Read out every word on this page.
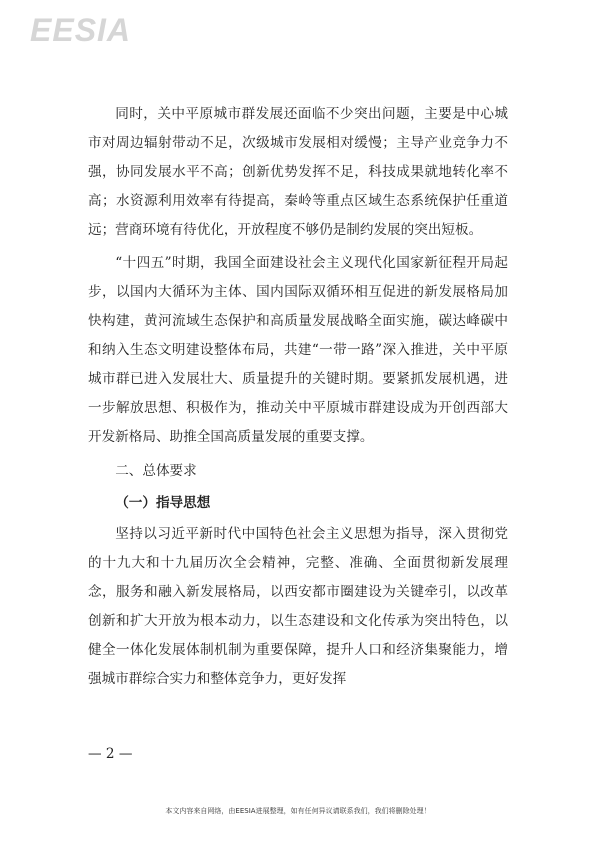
EESIA

同时，关中平原城市群发展还面临不少突出问题，主要是中心城市对周边辐射带动不足，次级城市发展相对缓慢；主导产业竞争力不强，协同发展水平不高；创新优势发挥不足，科技成果就地转化率不高；水资源利用效率有待提高，秦岭等重点区域生态系统保护任重道远；营商环境有待优化，开放程度不够仍是制约发展的突出短板。

“十四五”时期，我国全面建设社会主义现代化国家新征程开局起步，以国内大循环为主体、国内国际双循环相互促进的新发展格局加快构建，黄河流域生态保护和高质量发展战略全面实施，碳达峰碳中和纳入生态文明建设整体布局，共建“一带一路”深入推进，关中平原城市群已进入发展壮大、质量提升的关键时期。要紧抓发展机遇，进一步解放思想、积极作为，推动关中平原城市群建设成为开创西部大开发新格局、助推全国高质量发展的重要支撑。

二、总体要求
（一）指导思想

坚持以习近平新时代中国特色社会主义思想为指导，深入贯彻党的十九大和十九届历次全会精神，完整、准确、全面贯彻新发展理念，服务和融入新发展格局，以西安都市圈建设为关键牵引，以改革创新和扩大开放为根本动力，以生态建设和文化传承为突出特色，以健全一体化发展体制机制为重要保障，提升人口和经济集聚能力，增强城市群综合实力和整体竞争力，更好发挥

— 2 —
本文内容来自网络，由EESIA进展整理，如有任何异议请联系我们，我们将删除处理！
